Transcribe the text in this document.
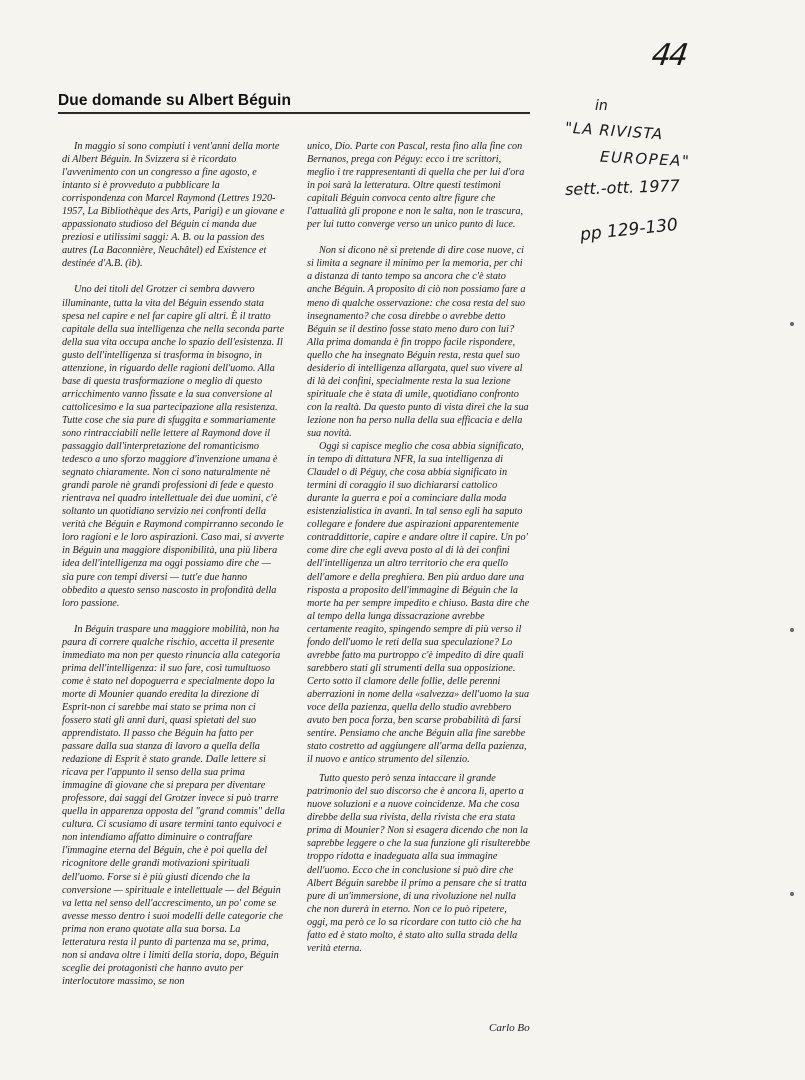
Due domande su Albert Béguin

In maggio si sono compiuti i vent'anni della morte di Albert Béguin. In Svizzera si è ricordato l'avvenimento con un congresso a fine agosto, e intanto si è provveduto a pubblicare la corrispondenza con Marcel Raymond (Lettres 1920-1957, La Bibliothèque des Arts, Parigi) e un giovane e appassionato studioso del Béguin ci manda due preziosi e utilissimi saggi: A. B. ou la passion des autres (La Baconnière, Neuchâtel) ed Existence et destinée d'A.B. (ib).

Uno dei titoli del Grotzer ci sembra davvero illuminante, tutta la vita del Béguin essendo stata spesa nel capire e nel far capire gli altri. È il tratto capitale della sua intelligenza che nella seconda parte della sua vita occupa anche lo spazio dell'esistenza. Il gusto dell'intelligenza si trasforma in bisogno, in attenzione, in riguardo delle ragioni dell'uomo. Alla base di questa trasformazione o meglio di questo arricchimento vanno fissate e la sua conversione al cattolicesimo e la sua partecipazione alla resistenza. Tutte cose che sia pure di sfuggita e sommariamente sono rintracciabili nelle lettere al Raymond dove il passaggio dall'interpretazione del romanticismo tedesco a uno sforzo maggiore d'invenzione umana è segnato chiaramente. Non ci sono naturalmente nè grandi parole nè grandi professioni di fede e questo rientrava nel quadro intellettuale dei due uomini, c'è soltanto un quotidiano servizio nei confronti della verità che Béguin e Raymond compirranno secondo le loro ragioni e le loro aspirazioni. Caso mai, si avverte in Béguin una maggiore disponibilità, una più libera idea dell'intelligenza ma oggi possiamo dire che — sia pure con tempi diversi — tutt'e due hanno obbedito a questo senso nascosto in profondità della loro passione.

In Béguin traspare una maggiore mobilità, non ha paura di correre qualche rischio, accetta il presente immediato ma non per questo rinuncia alla categoria prima dell'intelligenza: il suo fare, così tumultuoso come è stato nel dopoguerra e specialmente dopo la morte di Mounier quando eredita la direzione di Esprit-non ci sarebbe mai stato se prima non ci fossero stati gli anni duri, quasi spietati del suo apprendistato. Il passo che Béguin ha fatto per passare dalla sua stanza di lavoro a quella della redazione di Esprit è stato grande. Dalle lettere si ricava per l'appunto il senso della sua prima immagine di giovane che si prepara per diventare professore, dai saggi del Grotzer invece si può trarre quella in apparenza opposta del "grand commis" della cultura. Ci scusiamo di usare termini tanto equivoci e non intendiamo affatto diminuire o contraffare l'immagine eterna del Béguin, che è poi quella del ricognitore delle grandi motivazioni spirituali dell'uomo. Forse si è più giusti dicendo che la conversione — spirituale e intellettuale — del Béguin va letta nel senso dell'accrescimento, un po' come se avesse messo dentro i suoi modelli delle categorie che prima non erano quotate alla sua borsa. La letteratura resta il punto di partenza ma se, prima, non si andava oltre i limiti della storia, dopo, Béguin sceglie dei protagonisti che hanno avuto per interlocutore massimo, se non

unico, Dio. Parte con Pascal, resta fino alla fine con Bernanos, prega con Péguy: ecco i tre scrittori, meglio i tre rappresentanti di quella che per lui d'ora in poi sarà la letteratura. Oltre questi testimoni capitali Béguin convoca cento altre figure che l'attualità gli propone e non le salta, non le trascura, per lui tutto converge verso un unico punto di luce.

Non si dicono nè si pretende di dire cose nuove, ci si limita a segnare il minimo per la memoria, per chi a distanza di tanto tempo sa ancora che c'è stato anche Béguin. A proposito di ciò non possiamo fare a meno di qualche osservazione: che cosa resta del suo insegnamento? che cosa direbbe o avrebbe detto Béguin se il destino fosse stato meno duro con lui? Alla prima domanda è fin troppo facile rispondere, quello che ha insegnato Béguin resta, resta quel suo desiderio di intelligenza allargata, quel suo vivere al di là dei confini, specialmente resta la sua lezione spirituale che è stata di umile, quotidiano confronto con la realtà. Da questo punto di vista direi che la sua lezione non ha perso nulla della sua efficacia e della sua novità.

Oggi si capisce meglio che cosa abbia significato, in tempo di dittatura NFR, la sua intelligenza di Claudel o di Péguy, che cosa abbia significato in termini di coraggio il suo dichiararsi cattolico durante la guerra e poi a cominciare dalla moda esistenzialistica in avanti. In tal senso egli ha saputo collegare e fondere due aspirazioni apparentemente contraddittorie, capire e andare oltre il capire. Un po' come dire che egli aveva posto al di là dei confini dell'intelligenza un altro territorio che era quello dell'amore e della preghiera. Ben più arduo dare una risposta a proposito dell'immagine di Béguin che la morte ha per sempre impedito e chiuso. Basta dire che al tempo della lunga dissacrazione avrebbe certamente reagito, spingendo sempre di più verso il fondo dell'uomo le reti della sua speculazione? Lo avrebbe fatto ma purtroppo c'è impedito di dire quali sarebbero stati gli strumenti della sua opposizione. Certo sotto il clamore delle follie, delle perenni aberrazioni in nome della «salvezza» dell'uomo la sua voce della pazienza, quella dello studio avrebbero avuto ben poca forza, ben scarse probabilità di farsi sentire. Pensiamo che anche Béguin alla fine sarebbe stato costretto ad aggiungere all'arma della pazienza, il nuovo e antico strumento del silenzio.

Tutto questo però senza intaccare il grande patrimonio del suo discorso che è ancora lì, aperto a nuove soluzioni e a nuove coincidenze. Ma che cosa direbbe della sua rivista, della rivista che era stata prima di Mounier? Non si esagera dicendo che non la saprebbe leggere o che la sua funzione gli risulterebbe troppo ridotta e inadeguata alla sua immagine dell'uomo. Ecco che in conclusione si può dire che Albert Béguin sarebbe il primo a pensare che si tratta pure di un'immersione, di una rivoluzione nel nulla che non durerà in eterno. Non ce lo può ripetere, oggi, ma però ce lo sa ricordare con tutto ciò che ha fatto ed è stato molto, è stato alto sulla strada della verità eterna.

Carlo Bo
44
in
"LA RIVISTA
EUROPEA"
sett.-ott. 1977
pp 129-130
